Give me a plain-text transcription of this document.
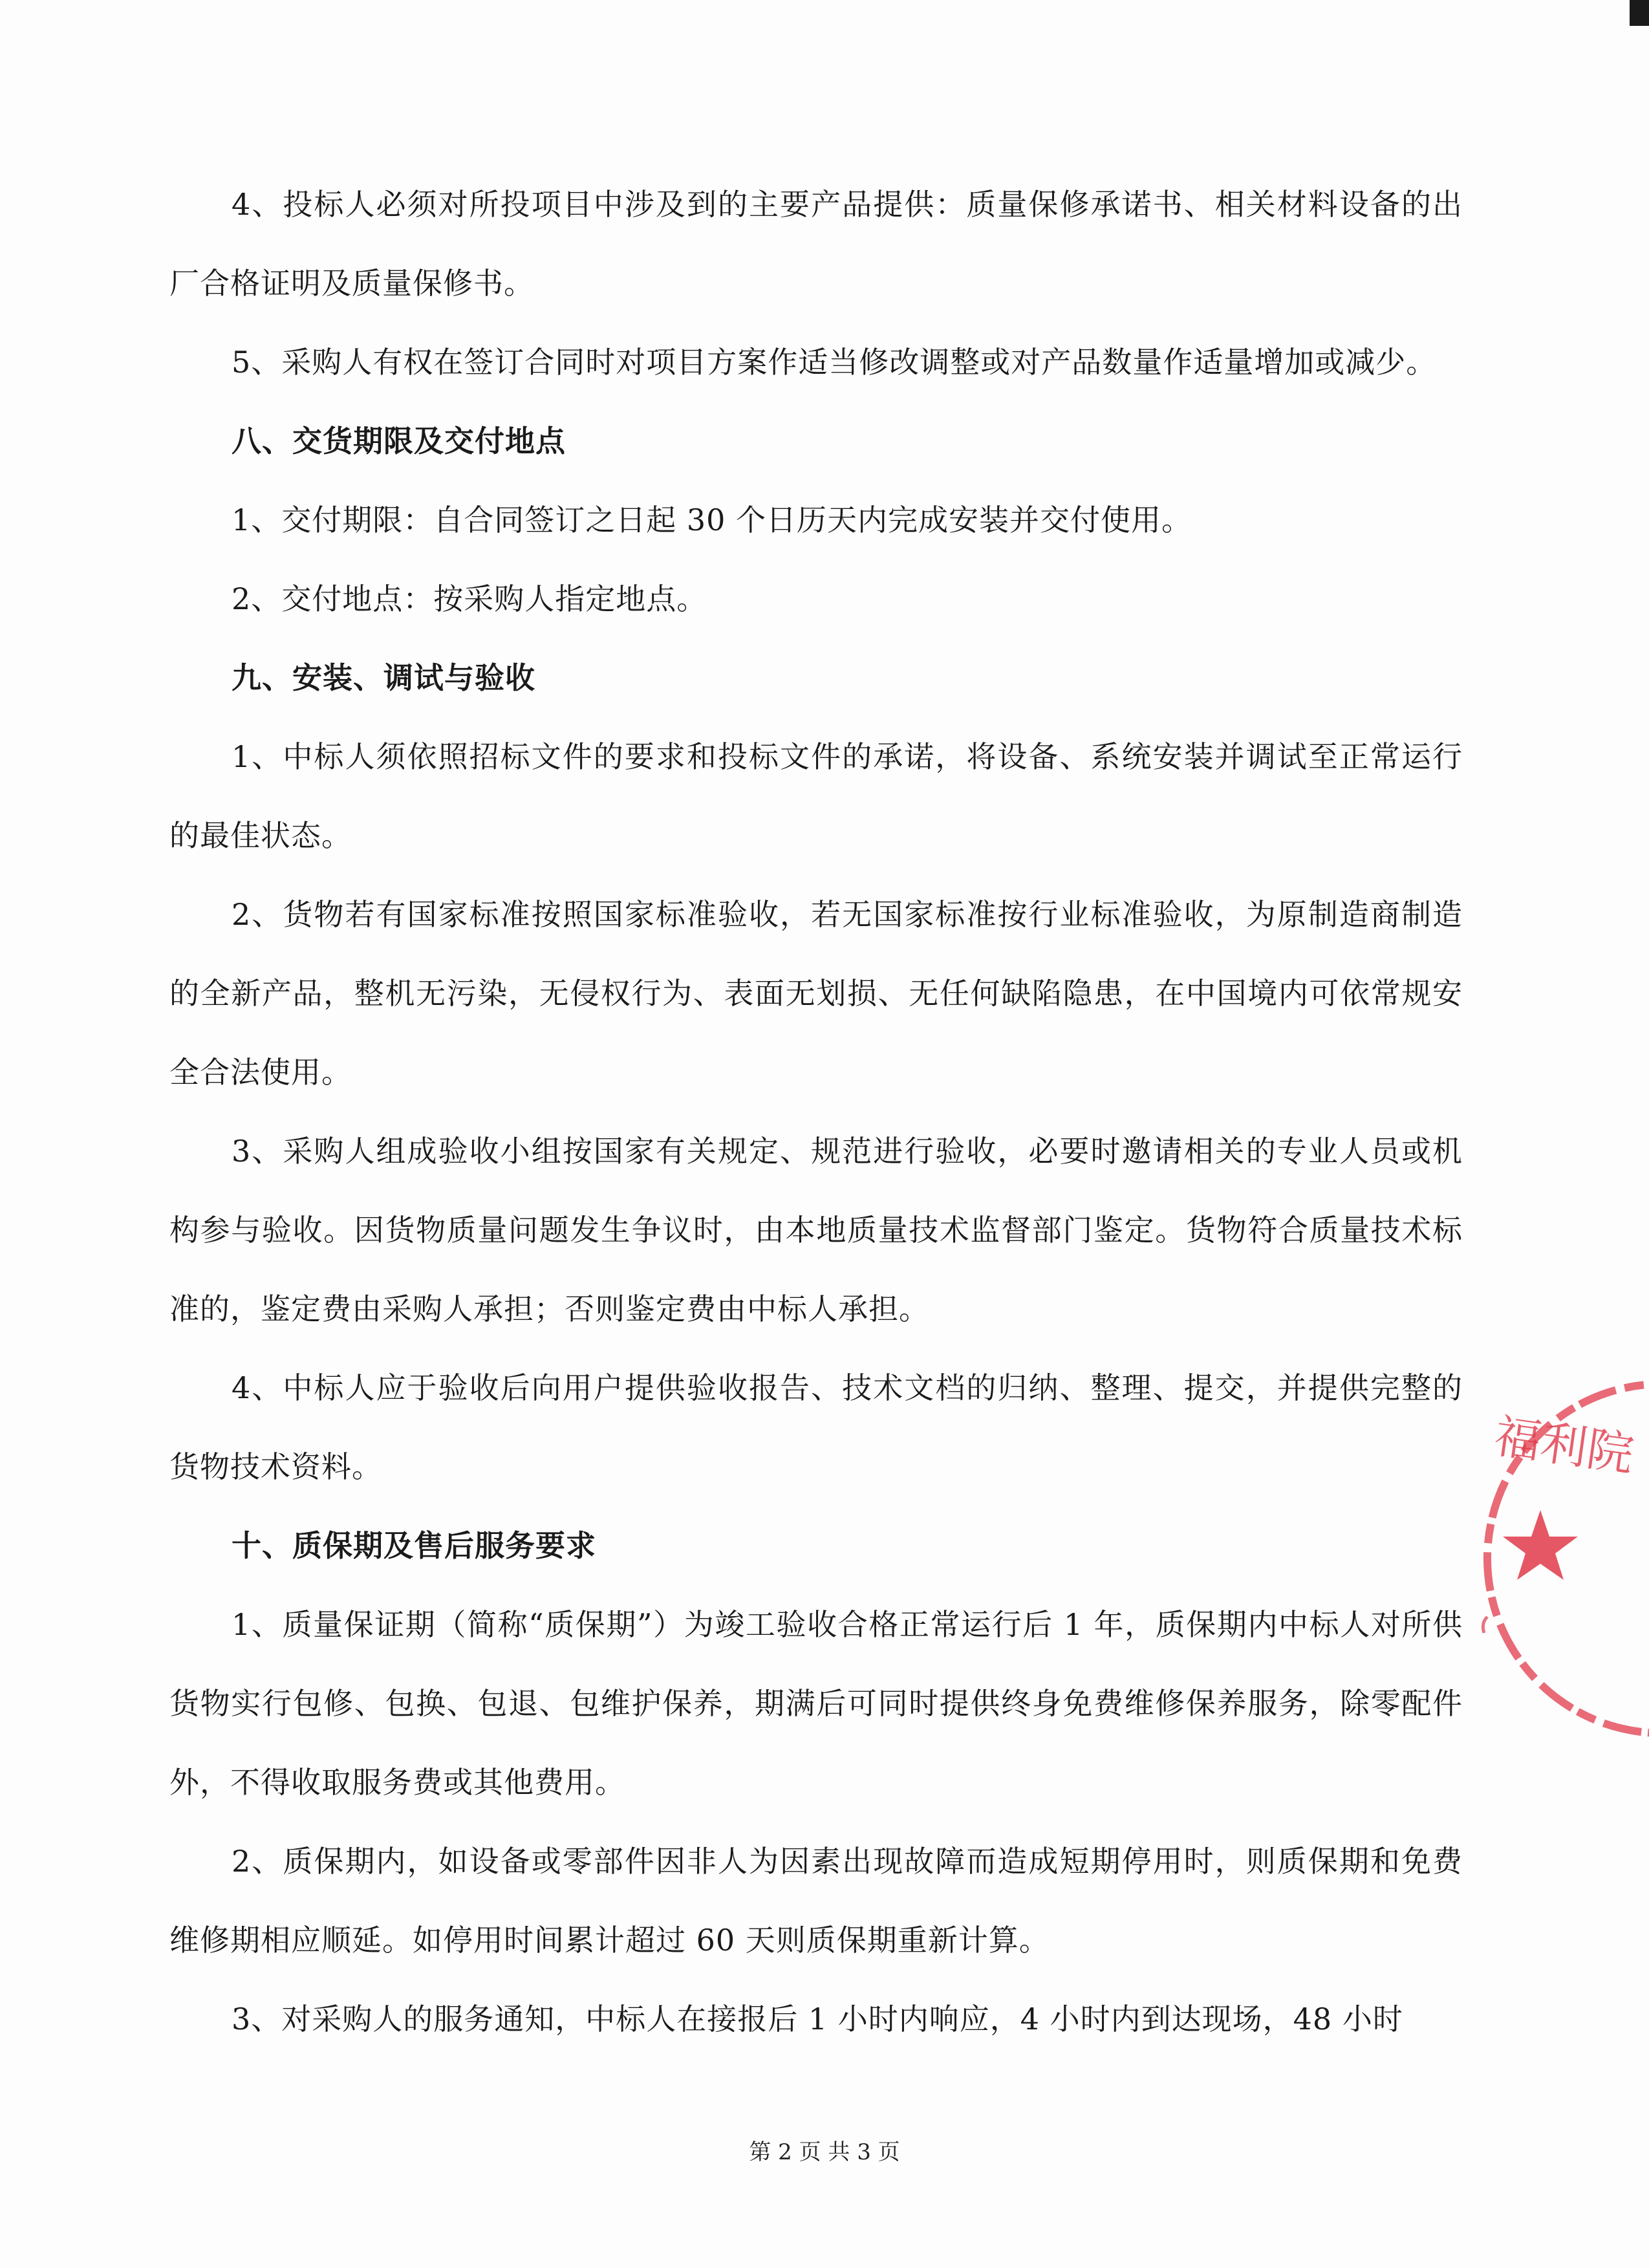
4、投标人必须对所投项目中涉及到的主要产品提供：质量保修承诺书、相关材料设备的出厂合格证明及质量保修书。

5、采购人有权在签订合同时对项目方案作适当修改调整或对产品数量作适量增加或减少。

八、交货期限及交付地点

1、交付期限：自合同签订之日起 30 个日历天内完成安装并交付使用。

2、交付地点：按采购人指定地点。

九、安装、调试与验收

1、中标人须依照招标文件的要求和投标文件的承诺，将设备、系统安装并调试至正常运行的最佳状态。

2、货物若有国家标准按照国家标准验收，若无国家标准按行业标准验收，为原制造商制造的全新产品，整机无污染，无侵权行为、表面无划损、无任何缺陷隐患，在中国境内可依常规安全合法使用。

3、采购人组成验收小组按国家有关规定、规范进行验收，必要时邀请相关的专业人员或机构参与验收。因货物质量问题发生争议时，由本地质量技术监督部门鉴定。货物符合质量技术标准的，鉴定费由采购人承担；否则鉴定费由中标人承担。

4、中标人应于验收后向用户提供验收报告、技术文档的归纳、整理、提交，并提供完整的货物技术资料。

十、质保期及售后服务要求

1、质量保证期（简称“质保期”）为竣工验收合格正常运行后 1 年，质保期内中标人对所供货物实行包修、包换、包退、包维护保养，期满后可同时提供终身免费维修保养服务，除零配件外，不得收取服务费或其他费用。

2、质保期内，如设备或零部件因非人为因素出现故障而造成短期停用时，则质保期和免费维修期相应顺延。如停用时间累计超过 60 天则质保期重新计算。

3、对采购人的服务通知，中标人在接报后 1 小时内响应，4 小时内到达现场，48 小时

福利院
第 2 页 共 3 页
